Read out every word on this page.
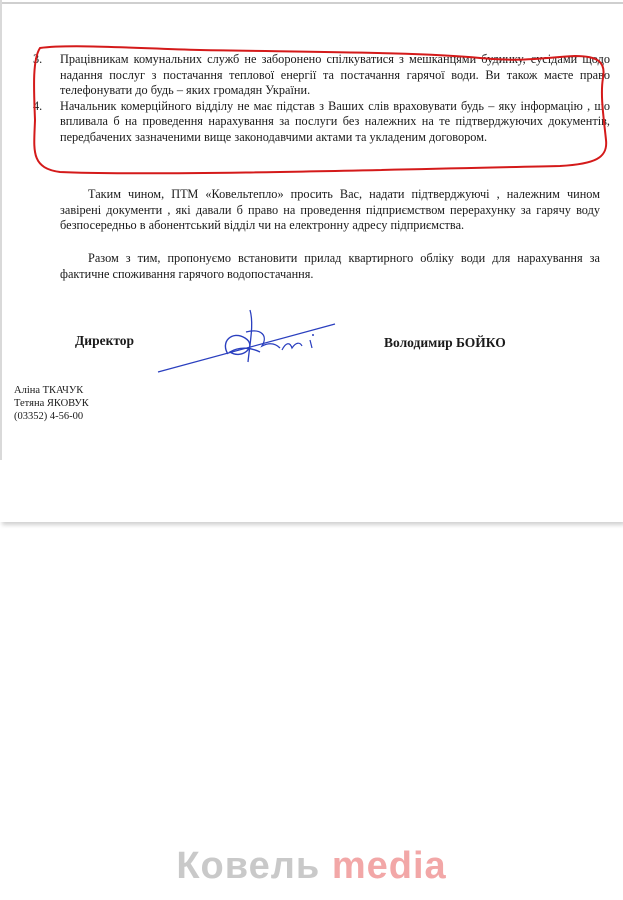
3. Працівникам комунальних служб не заборонено спілкуватися з мешканцями будинку, сусідами щодо надання послуг з постачання теплової енергії та постачання гарячої води. Ви також маєте право телефонувати до будь – яких громадян України.
4. Начальник комерційного відділу не має підстав з Ваших слів враховувати будь – яку інформацію , що впливала б на проведення нарахування за послуги без належних на те підтверджуючих документів, передбачених зазначеними вище законодавчими актами та укладеним договором.
Таким чином, ПТМ «Ковельтепло» просить Вас, надати підтверджуючі , належним чином завірені документи , які давали б право на проведення підприємством перерахунку за гарячу воду безпосередньо в абонентський відділ чи на електронну адресу підприємства.
Разом з тим, пропонуємо встановити прилад квартирного обліку води для нарахування за фактичне споживання гарячого водопостачання.
Директор	Володимир БОЙКО
Аліна ТКАЧУК
Тетяна ЯКОВУК
(03352) 4-56-00
Ковель media
